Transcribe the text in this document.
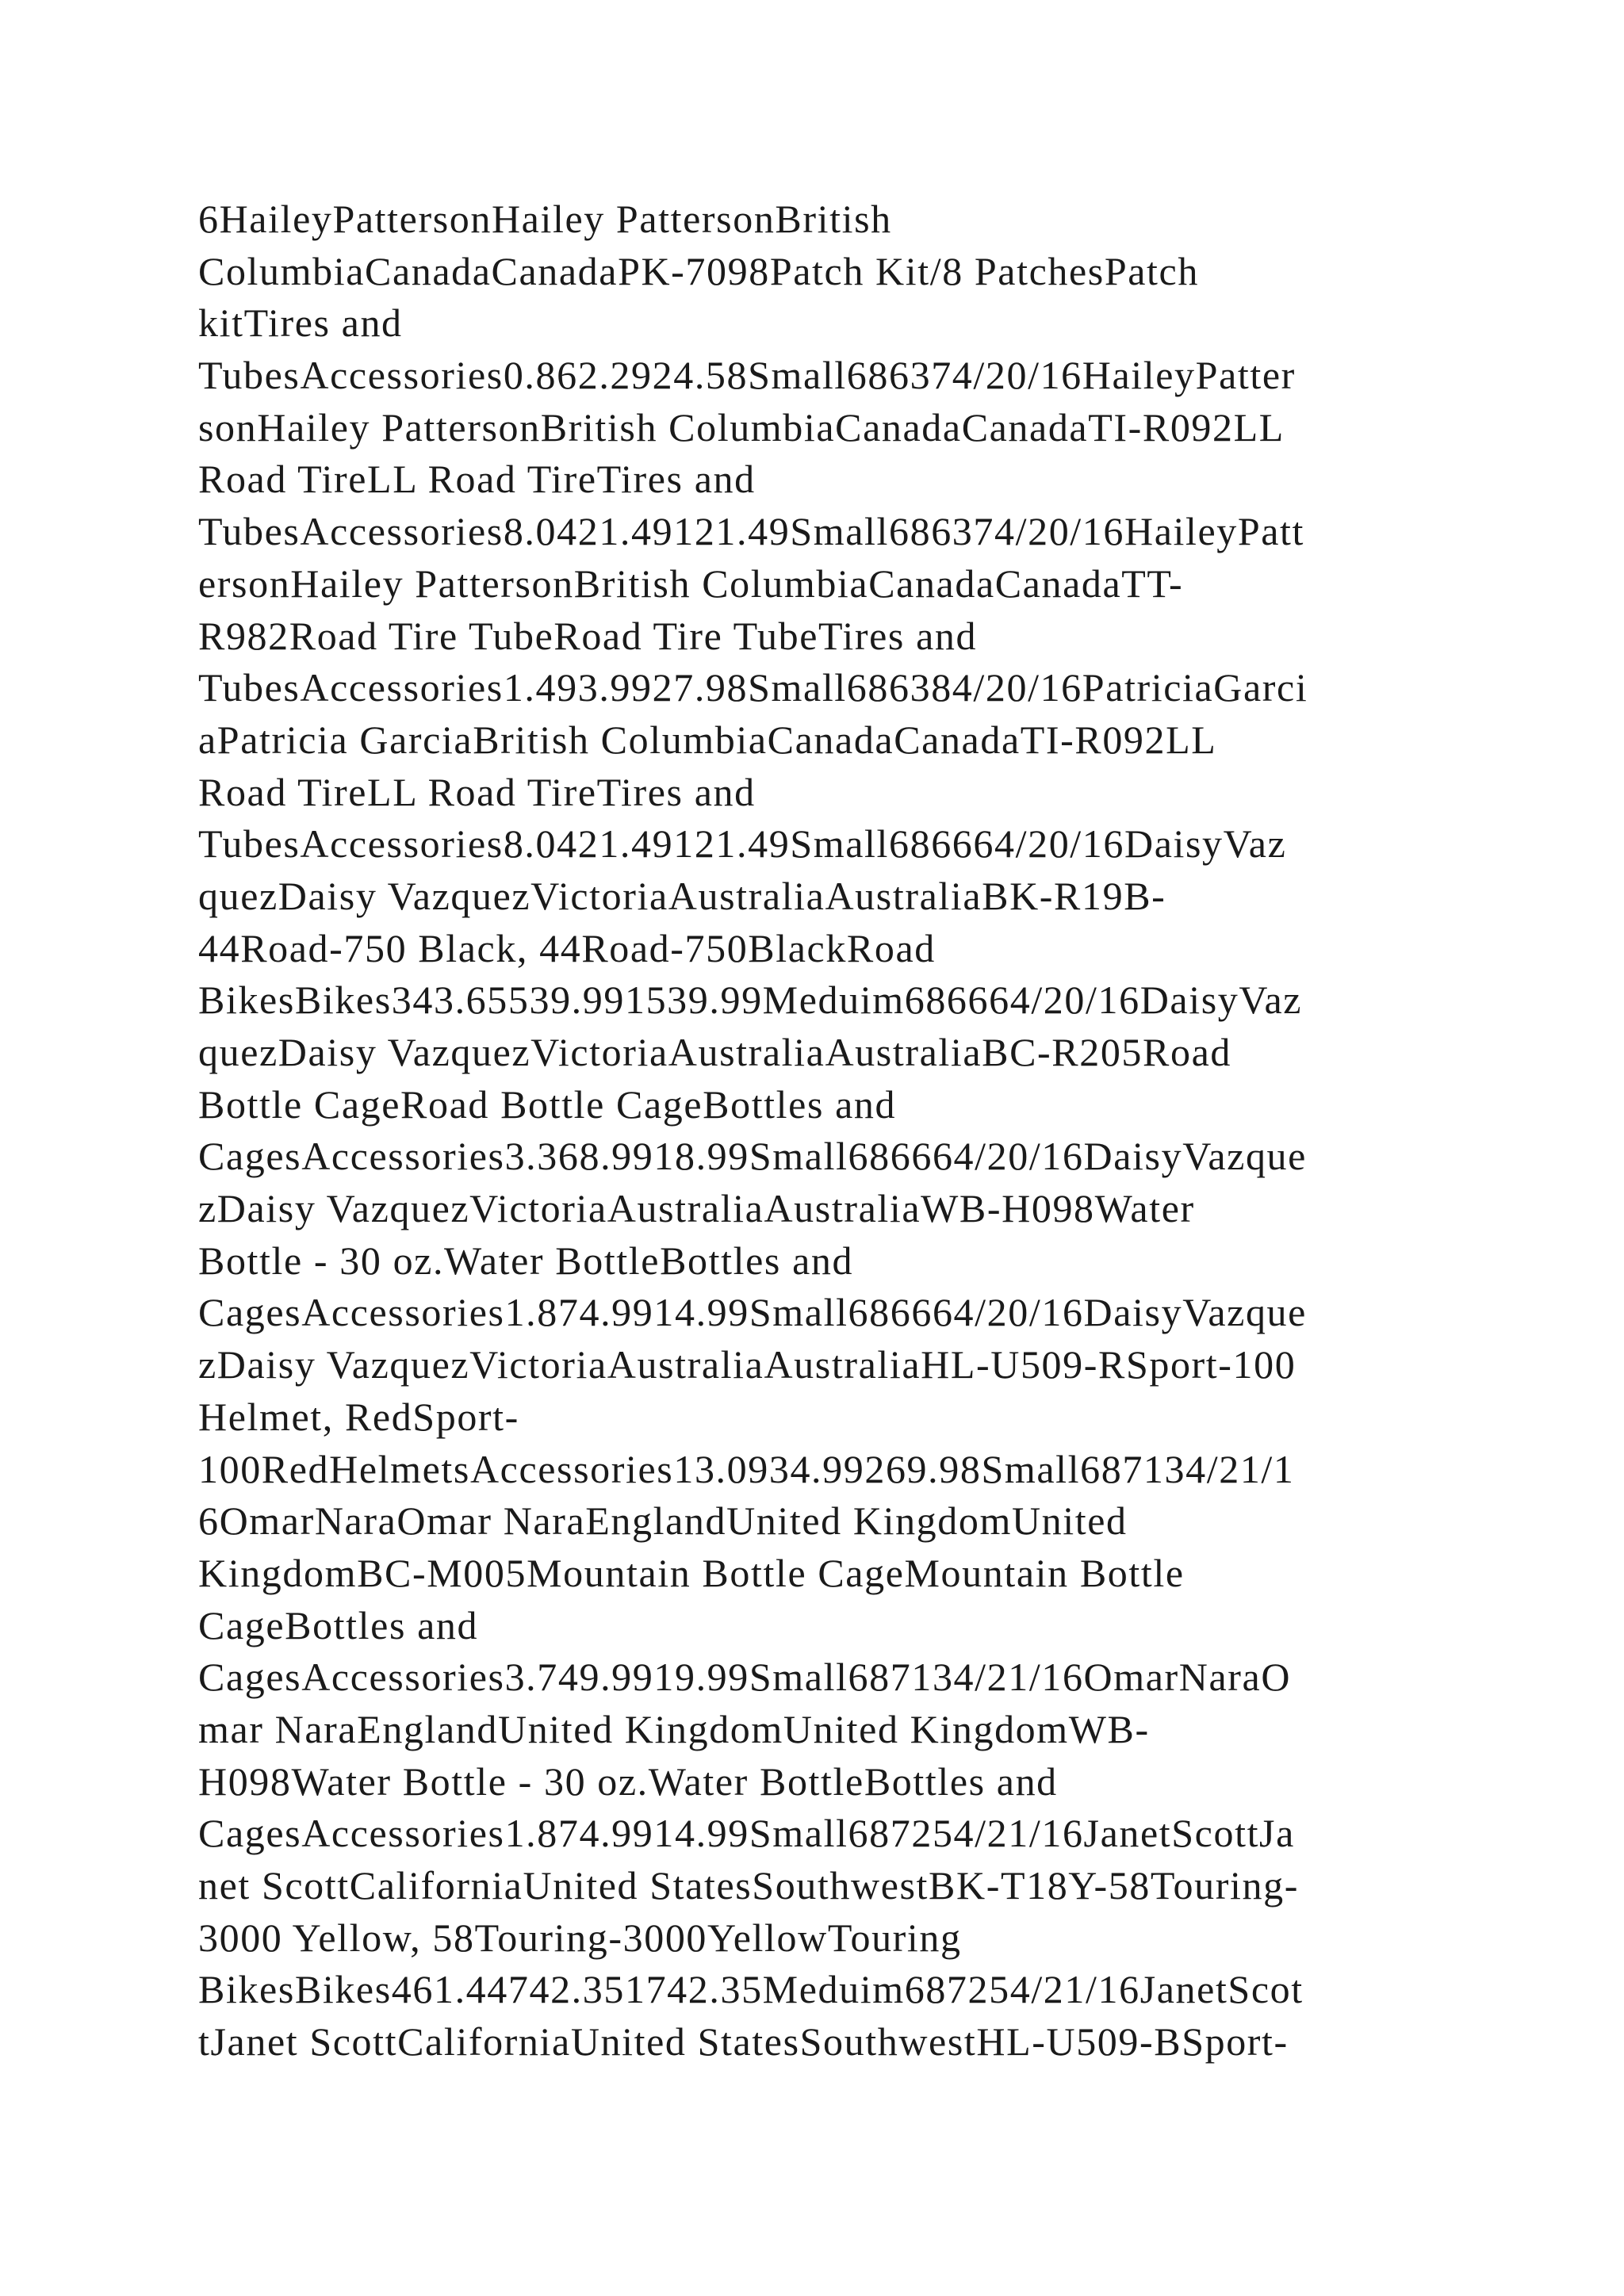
6HaileyPattersonHailey PattersonBritish
ColumbiaCanadaCanadaPK-7098Patch Kit/8 PatchesPatch
kitTires and
TubesAccessories0.862.2924.58Small686374/20/16HaileyPatter
sonHailey PattersonBritish ColumbiaCanadaCanadaTI-R092LL
Road TireLL Road TireTires and
TubesAccessories8.0421.49121.49Small686374/20/16HaileyPatt
ersonHailey PattersonBritish ColumbiaCanadaCanadaTT-
R982Road Tire TubeRoad Tire TubeTires and
TubesAccessories1.493.9927.98Small686384/20/16PatriciaGarci
aPatricia GarciaBritish ColumbiaCanadaCanadaTI-R092LL
Road TireLL Road TireTires and
TubesAccessories8.0421.49121.49Small686664/20/16DaisyVaz
quezDaisy VazquezVictoriaAustraliaAustraliaBK-R19B-
44Road-750 Black, 44Road-750BlackRoad
BikesBikes343.65539.991539.99Meduim686664/20/16DaisyVaz
quezDaisy VazquezVictoriaAustraliaAustraliaBC-R205Road
Bottle CageRoad Bottle CageBottles and
CagesAccessories3.368.9918.99Small686664/20/16DaisyVazque
zDaisy VazquezVictoriaAustraliaAustraliaWB-H098Water
Bottle - 30 oz.Water BottleBottles and
CagesAccessories1.874.9914.99Small686664/20/16DaisyVazque
zDaisy VazquezVictoriaAustraliaAustraliaHL-U509-RSport-100
Helmet, RedSport-
100RedHelmetsAccessories13.0934.99269.98Small687134/21/1
6OmarNaraOmar NaraEnglandUnited KingdomUnited
KingdomBC-M005Mountain Bottle CageMountain Bottle
CageBottles and
CagesAccessories3.749.9919.99Small687134/21/16OmarNaraO
mar NaraEnglandUnited KingdomUnited KingdomWB-
H098Water Bottle - 30 oz.Water BottleBottles and
CagesAccessories1.874.9914.99Small687254/21/16JanetScottJa
net ScottCaliforniaUnited StatesSouthwestBK-T18Y-58Touring-
3000 Yellow, 58Touring-3000YellowTouring
BikesBikes461.44742.351742.35Meduim687254/21/16JanetScot
tJanet ScottCaliforniaUnited StatesSouthwestHL-U509-BSport-
